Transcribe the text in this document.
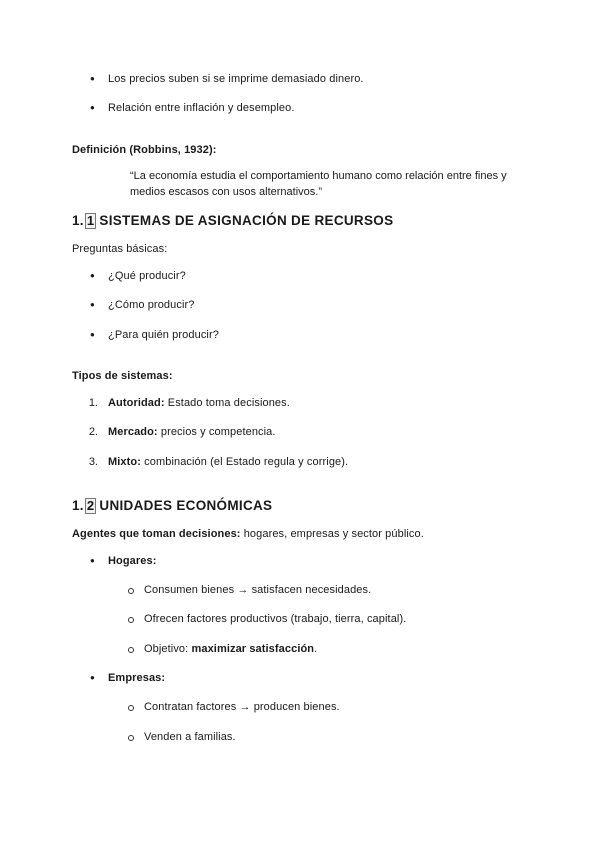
● Los precios suben si se imprime demasiado dinero.
● Relación entre inflación y desempleo.
Definición (Robbins, 1932):
“La economía estudia el comportamiento humano como relación entre fines y medios escasos con usos alternativos.”
1. 1 SISTEMAS DE ASIGNACIÓN DE RECURSOS
Preguntas básicas:
● ¿Qué producir?
● ¿Cómo producir?
● ¿Para quién producir?
Tipos de sistemas:
1. Autoridad: Estado toma decisiones.
2. Mercado: precios y competencia.
3. Mixto: combinación (el Estado regula y corrige).
1. 2 UNIDADES ECONÓMICAS
Agentes que toman decisiones: hogares, empresas y sector público.
● Hogares:
Consumen bienes → satisfacen necesidades.
Ofrecen factores productivos (trabajo, tierra, capital).
Objetivo: maximizar satisfacción.
● Empresas:
Contratan factores → producen bienes.
Venden a familias.
